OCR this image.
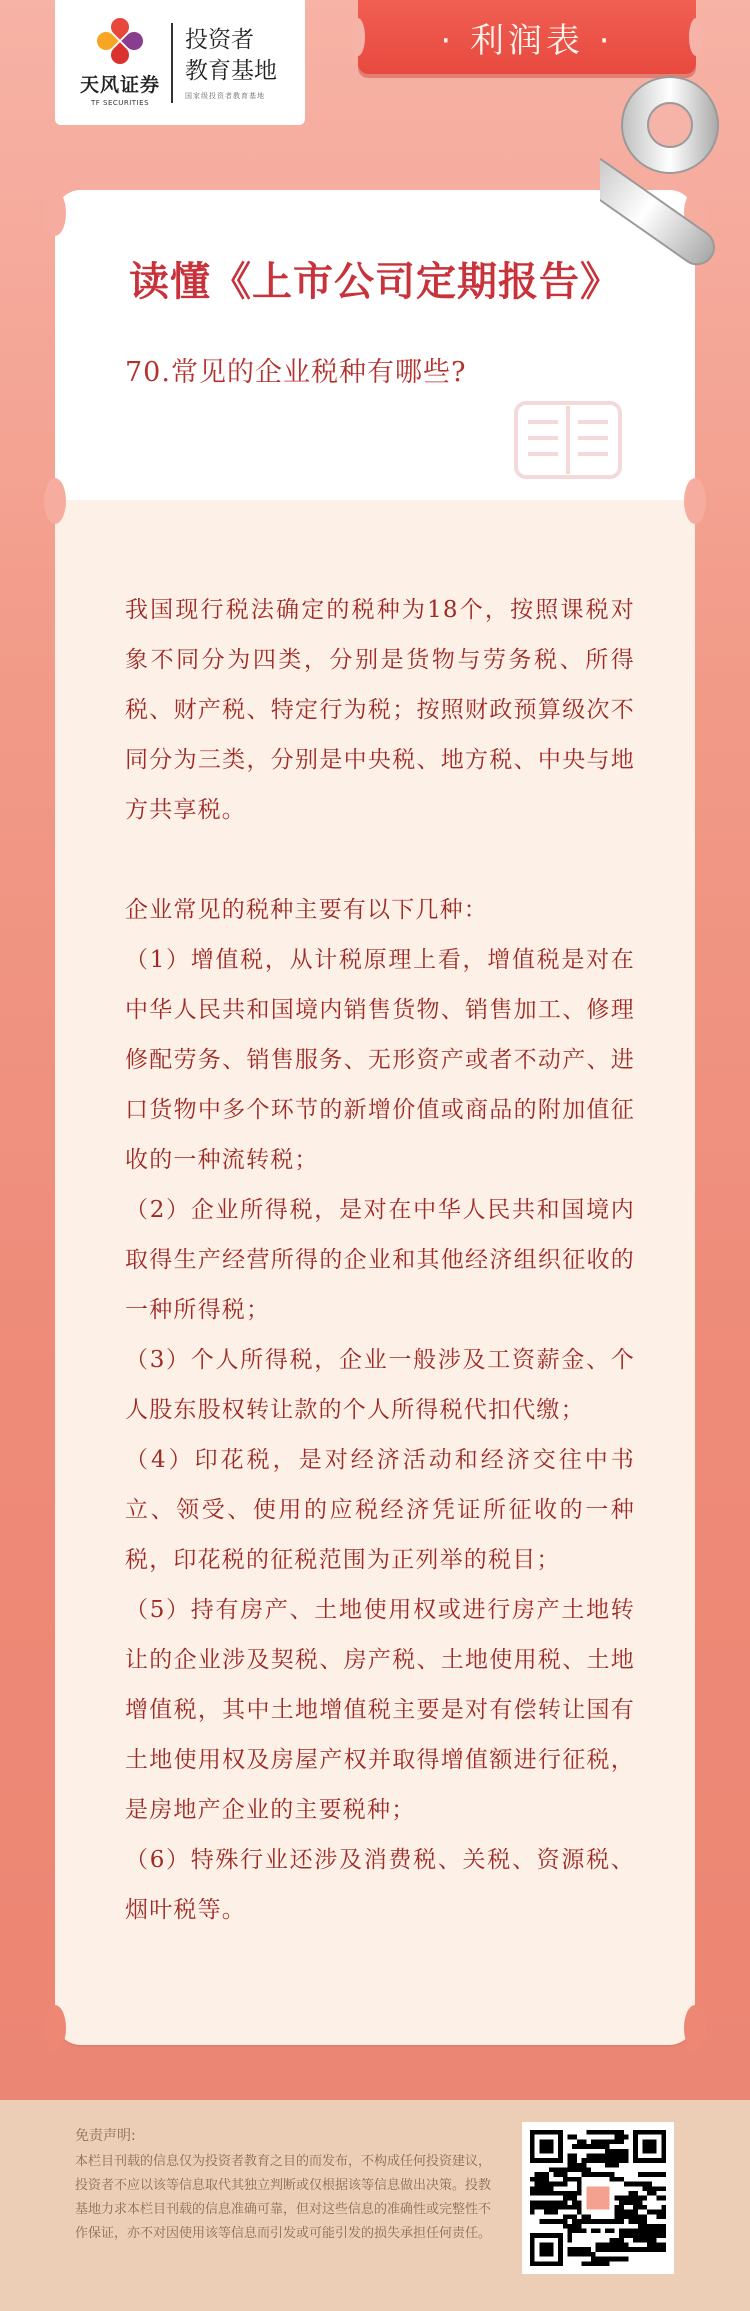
天风证券
TF SECURITIES
投资者
教育基地
国家级投资者教育基地
· 利润表 ·
读懂《上市公司定期报告》
70.常见的企业税种有哪些?

我国现行税法确定的税种为18个，按照课税对象不同分为四类，分别是货物与劳务税、所得税、财产税、特定行为税；按照财政预算级次不同分为三类，分别是中央税、地方税、中央与地方共享税。

企业常见的税种主要有以下几种：

（1）增值税，从计税原理上看，增值税是对在中华人民共和国境内销售货物、销售加工、修理修配劳务、销售服务、无形资产或者不动产、进口货物中多个环节的新增价值或商品的附加值征收的一种流转税；

（2）企业所得税，是对在中华人民共和国境内取得生产经营所得的企业和其他经济组织征收的一种所得税；

（3）个人所得税，企业一般涉及工资薪金、个人股东股权转让款的个人所得税代扣代缴；

（4）印花税，是对经济活动和经济交往中书立、领受、使用的应税经济凭证所征收的一种税，印花税的征税范围为正列举的税目；

（5）持有房产、土地使用权或进行房产土地转让的企业涉及契税、房产税、土地使用税、土地增值税，其中土地增值税主要是对有偿转让国有土地使用权及房屋产权并取得增值额进行征税，是房地产企业的主要税种；

（6）特殊行业还涉及消费税、关税、资源税、烟叶税等。

免责声明:
本栏目刊载的信息仅为投资者教育之目的而发布，不构成任何投资建议，投资者不应以该等信息取代其独立判断或仅根据该等信息做出决策。投教基地力求本栏目刊载的信息准确可靠，但对这些信息的准确性或完整性不作保证，亦不对因使用该等信息而引发或可能引发的损失承担任何责任。
